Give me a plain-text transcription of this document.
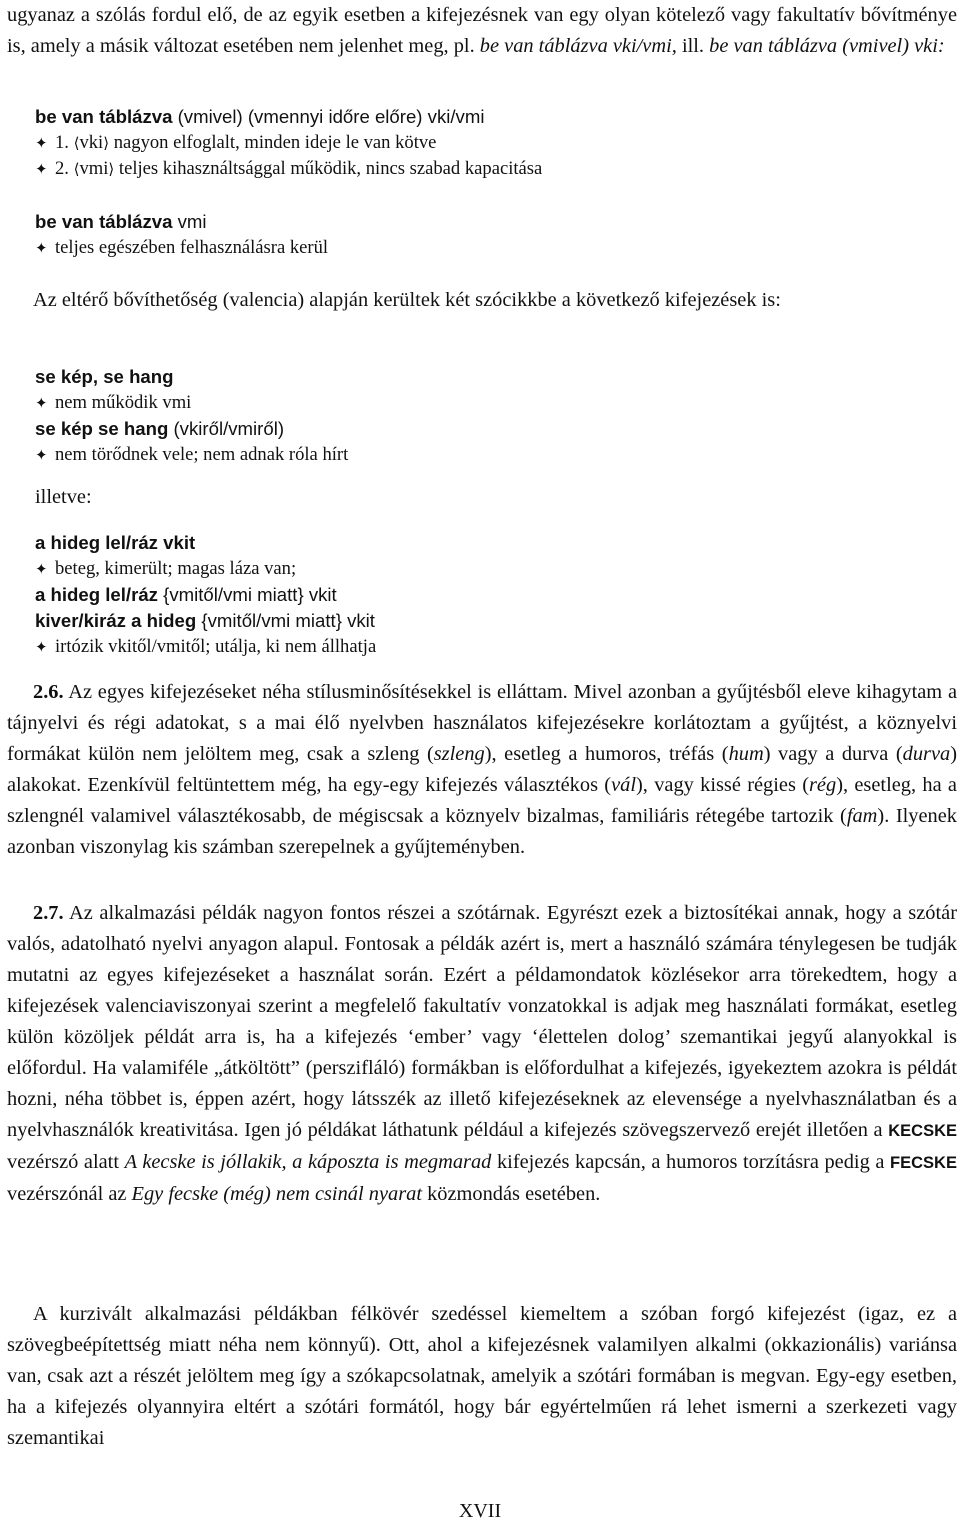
ugyanaz a szólás fordul elő, de az egyik esetben a kifejezésnek van egy olyan kötelező vagy fakultatív bővítménye is, amely a másik változat esetében nem jelenhet meg, pl. be van táblázva vki/vmi, ill. be van táblázva (vmivel) vki:

be van táblázva (vmivel) (vmennyi időre előre) vki/vmi
✦ 1. ⟨vki⟩ nagyon elfoglalt, minden ideje le van kötve
✦ 2. ⟨vmi⟩ teljes kihasználtsággal működik, nincs szabad kapacitása
be van táblázva vmi
✦ teljes egészében felhasználásra kerül

Az eltérő bővíthetőség (valencia) alapján kerültek két szócikkbe a következő kifejezések is:

se kép, se hang
✦ nem működik vmi
se kép se hang (vkiről/vmiről)
✦ nem törődnek vele; nem adnak róla hírt

illetve:

a hideg lel/ráz vkit
✦ beteg, kimerült; magas láza van;
a hideg lel/ráz {vmitől/vmi miatt} vkit
kiver/kiráz a hideg {vmitől/vmi miatt} vkit
✦ irtózik vkitől/vmitől; utálja, ki nem állhatja

2.6. Az egyes kifejezéseket néha stílusminősítésekkel is elláttam. Mivel azonban a gyűjtésből eleve kihagytam a tájnyelvi és régi adatokat, s a mai élő nyelvben használatos kifejezésekre korlátoztam a gyűjtést, a köznyelvi formákat külön nem jelöltem meg, csak a szleng (szleng), esetleg a humoros, tréfás (hum) vagy a durva (durva) alakokat. Ezenkívül feltüntettem még, ha egy-egy kifejezés választékos (vál), vagy kissé régies (rég), esetleg, ha a szlengnél valamivel választékosabb, de mégiscsak a köznyelv bizalmas, familiáris rétegébe tartozik (fam). Ilyenek azonban viszonylag kis számban szerepelnek a gyűjteményben.

2.7. Az alkalmazási példák nagyon fontos részei a szótárnak. Egyrészt ezek a biztosítékai annak, hogy a szótár valós, adatolható nyelvi anyagon alapul. Fontosak a példák azért is, mert a használó számára ténylegesen be tudják mutatni az egyes kifejezéseket a használat során. Ezért a példamondatok közlésekor arra törekedtem, hogy a kifejezések valenciaviszonyai szerint a megfelelő fakultatív vonzatokkal is adjak meg használati formákat, esetleg külön közöljek példát arra is, ha a kifejezés ‘ember’ vagy ‘élettelen dolog’ szemantikai jegyű alanyokkal is előfordul. Ha valamiféle „átköltött” (perszifláló) formákban is előfordulhat a kifejezés, igyekeztem azokra is példát hozni, néha többet is, éppen azért, hogy látsszék az illető kifejezéseknek az elevensége a nyelvhasználatban és a nyelvhasználók kreativitása. Igen jó példákat láthatunk például a kifejezés szövegszervező erejét illetően a KECSKE vezérszó alatt A kecske is jóllakik, a káposzta is megmarad kifejezés kapcsán, a humoros torzításra pedig a FECSKE vezérszónál az Egy fecske (még) nem csinál nyarat közmondás esetében.

A kurzivált alkalmazási példákban félkövér szedéssel kiemeltem a szóban forgó kifejezést (igaz, ez a szövegbeépítettség miatt néha nem könnyű). Ott, ahol a kifejezésnek valamilyen alkalmi (okkazionális) variánsa van, csak azt a részét jelöltem meg így a szókapcsolatnak, amelyik a szótári formában is megvan. Egy-egy esetben, ha a kifejezés olyannyira eltért a szótári formától, hogy bár egyértelműen rá lehet ismerni a szerkezeti vagy szemantikai

XVII
